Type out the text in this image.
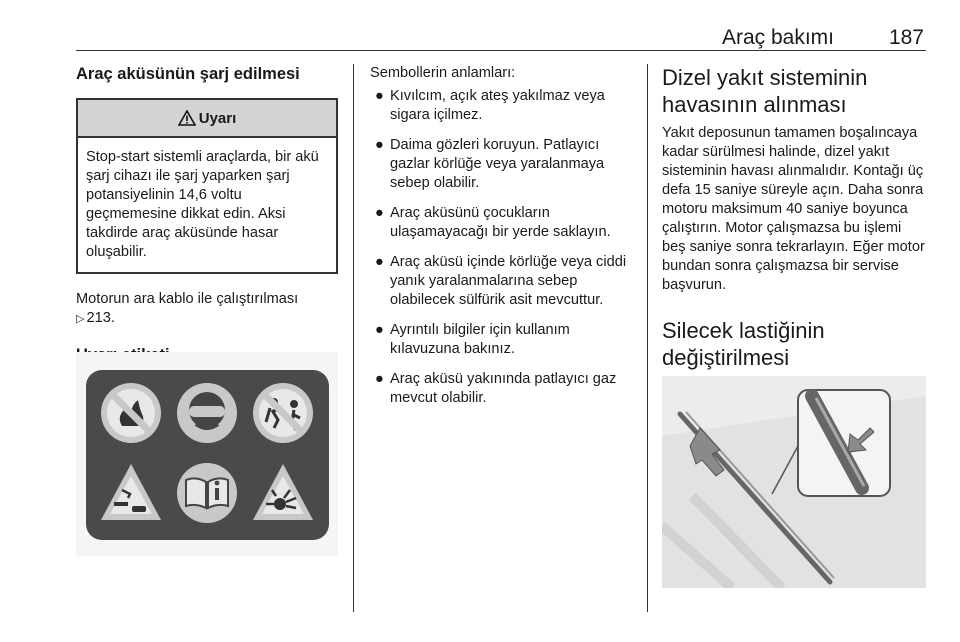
Araç bakımı	187
Araç aküsünün şarj edilmesi
Uyarı
Stop-start sistemli araçlarda, bir akü şarj cihazı ile şarj yaparken şarj potansiyelinin 14,6 voltu geçmemesine dikkat edin. Aksi takdirde araç aküsünde hasar oluşabilir.

Motorun ara kablo ile çalıştırılması
▷ 213.

Sembollerin anlamları:
● Kıvılcım, açık ateş yakılmaz veya sigara içilmez.
● Daima gözleri koruyun. Patlayıcı gazlar körlüğe veya yaralanmaya sebep olabilir.
● Araç aküsünü çocukların ulaşamayacağı bir yerde saklayın.
● Araç aküsü içinde körlüğe veya ciddi yanık yaralanmalarına sebep olabilecek sülfürik asit mevcuttur.
● Ayrıntılı bilgiler için kullanım kılavuzuna bakınız.
● Araç aküsü yakınında patlayıcı gaz mevcut olabilir.
Dizel yakıt sisteminin havasının alınması

Yakıt deposunun tamamen boşalıncaya kadar sürülmesi halinde, dizel yakıt sisteminin havası alınmalıdır. Kontağı üç defa 15 saniye süreyle açın. Daha sonra motoru maksimum 40 saniye boyunca çalıştırın. Motor çalışmazsa bu işlemi beş saniye sonra tekrarlayın. Eğer motor bundan sonra çalışmazsa bir servise başvurun.

Silecek lastiğinin değiştirilmesi
